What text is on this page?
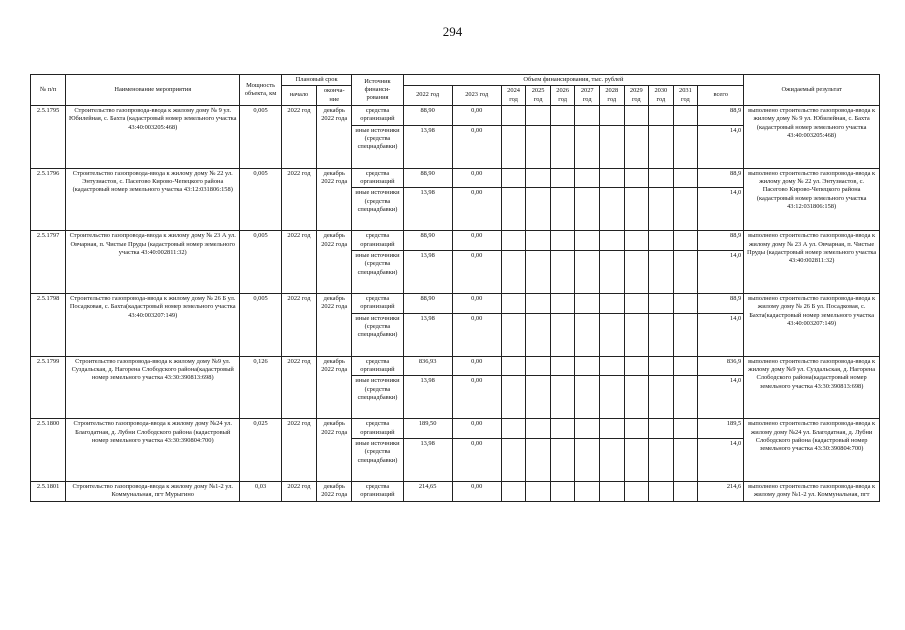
294
№ п/п	Наименование мероприятия	Мощность объекта, км	Плановый срок		Источник финанси-рования	Объем финансирования, тыс. рублей											Ожидаемый результат
			начало	оконча-ние		2022 год	2023 год	2024 год	2025 год	2026 год	2027 год	2028 год	2029 год	2030 год	2031 год	всего	
2.5.1795	Строительство газопровода-ввода к жилому дому № 9 ул. Юбилейная, с. Бахта (кадастровый номер земельного участка 43:40:003205:468)	0,005	2022 год	декабрь 2022 года	средства организаций	88,90	0,00									88,9	выполнено строительство газопровода-ввода к жилому дому № 9 ул. Юбилейная, с. Бахта (кадастровый номер земельного участка 43:40:003205:468)
					иные источники (средства спецнадбавки)	13,98	0,00									14,0	
2.5.1796	Строительство газопровода-ввода к жилому дому № 22 ул. Энтузиастов, с. Пасегово Кирово-Чепецкого района (кадастровый номер земельного участка 43:12:031806:158)	0,005	2022 год	декабрь 2022 года	средства организаций	88,90	0,00									88,9	выполнено строительство газопровода-ввода к жилому дому № 22 ул. Энтузиастов, с. Пасегово Кирово-Чепецкого района (кадастровый номер земельного участка 43:12:031806:158)
					иные источники (средства спецнадбавки)	13,98	0,00									14,0	
2.5.1797	Строительство газопровода-ввода к жилому дому № 23 А ул. Овчарная, п. Чистые Пруды (кадастровый номер земельного участка 43:40:002811:32)	0,005	2022 год	декабрь 2022 года	средства организаций	88,90	0,00									88,9	выполнено строительство газопровода-ввода к жилому дому № 23 А ул. Овчарная, п. Чистые Пруды (кадастровый номер земельного участка 43:40:002811:32)
					иные источники (средства спецнадбавки)	13,98	0,00									14,0	
2.5.1798	Строительство газопровода-ввода к жилому дому № 26 Б ул. Посадковая, с. Бахта(кадастровый номер земельного участка 43:40:003207:149)	0,005	2022 год	декабрь 2022 года	средства организаций	88,90	0,00									88,9	выполнено строительство газопровода-ввода к жилому дому № 26 Б ул. Посадковая, с. Бахта(кадастровый номер земельного участка 43:40:003207:149)
					иные источники (средства спецнадбавки)	13,98	0,00									14,0	
2.5.1799	Строительство газопровода-ввода к жилому дому №9 ул. Суздальская, д. Нагорена Слободского района(кадастровый номер земельного участка 43:30:390813:698)	0,126	2022 год	декабрь 2022 года	средства организаций	836,93	0,00									836,9	выполнено строительство газопровода-ввода к жилому дому №9 ул. Суздальская, д. Нагорена Слободского района(кадастровый номер земельного участка 43:30:390813:698)
					иные источники (средства спецнадбавки)	13,98	0,00									14,0	
2.5.1800	Строительство газопровода-ввода к жилому дому №24 ул. Благодатная, д. Лубни Слободского района (кадастровый номер земельного участка 43:30:390804:700)	0,025	2022 год	декабрь 2022 года	средства организаций	189,50	0,00									189,5	выполнено строительство газопровода-ввода к жилому дому №24 ул. Благодатная, д. Лубни Слободского района (кадастровый номер земельного участка 43:30:390804:700)
					иные источники (средства спецнадбавки)	13,98	0,00									14,0	
2.5.1801	Строительство газопровода-ввода к жилому дому №1-2 ул. Коммунальная, пгт Мурыгино	0,03	2022 год	декабрь 2022 года	средства организаций	214,65	0,00									214,6	выполнено строительство газопровода-ввода к жилому дому №1-2 ул. Коммунальная, пгт
